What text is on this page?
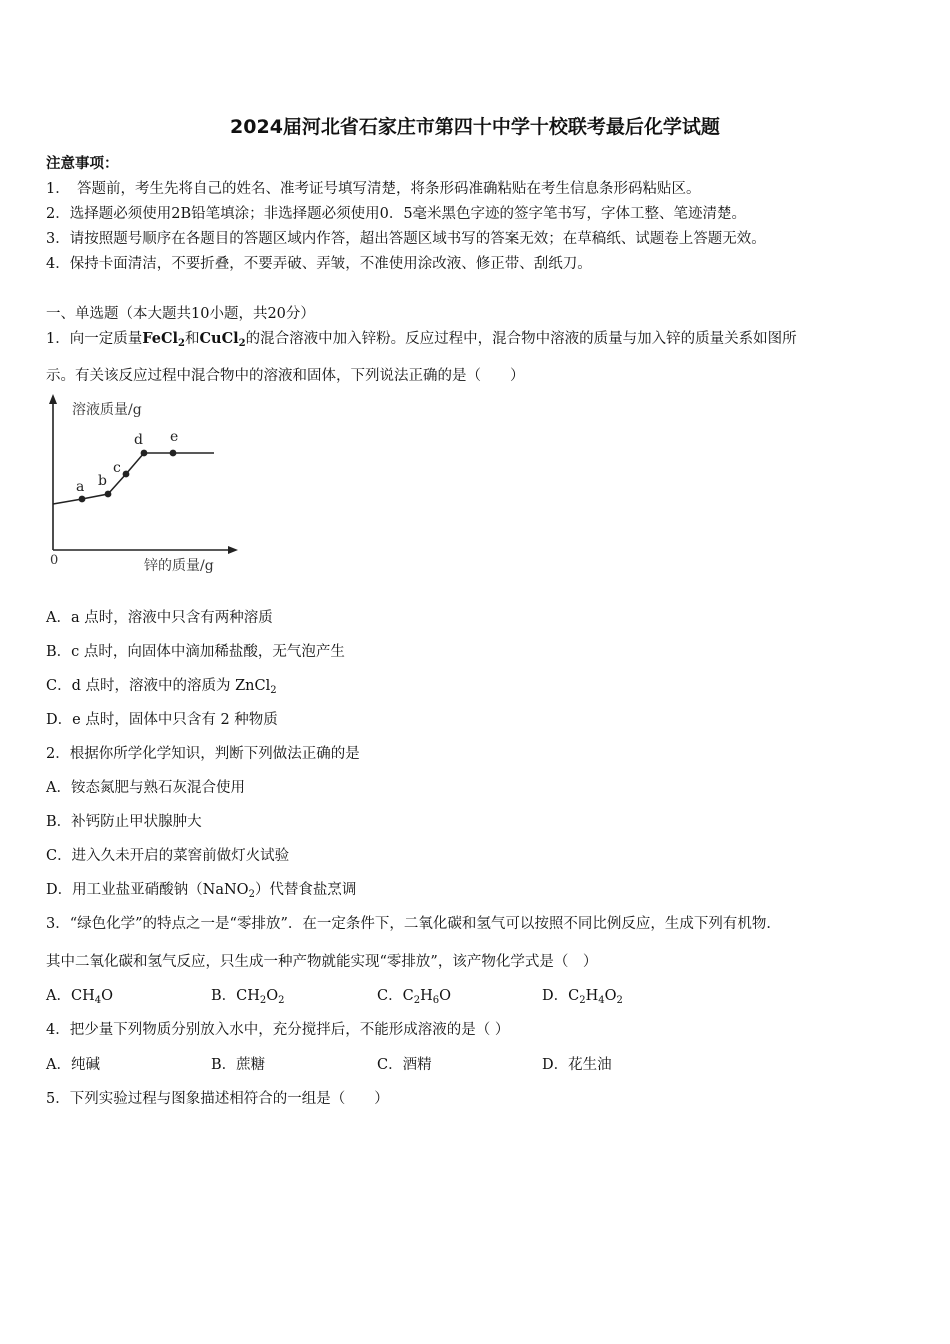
2024届河北省石家庄市第四十中学十校联考最后化学试题
注意事项：
1．　答题前，考生先将自己的姓名、准考证号填写清楚，将条形码准确粘贴在考生信息条形码粘贴区。
2．选择题必须使用2B铅笔填涂；非选择题必须使用0．5毫米黑色字迹的签字笔书写，字体工整、笔迹清楚。
3．请按照题号顺序在各题目的答题区域内作答，超出答题区域书写的答案无效；在草稿纸、试题卷上答题无效。
4．保持卡面清洁，不要折叠，不要弄破、弄皱，不准使用涂改液、修正带、刮纸刀。
一、单选题（本大题共10小题，共20分）
1．向一定质量FeCl$_2$和CuCl$_2$的混合溶液中加入锌粉。反应过程中，混合物中溶液的质量与加入锌的质量关系如图所
示。有关该反应过程中混合物中的溶液和固体，下列说法正确的是（　　）
溶液质量/g
锌的质量/g
0
a b
c
d e
A．a 点时，溶液中只含有两种溶质
B．c 点时，向固体中滴加稀盐酸，无气泡产生
C．d 点时，溶液中的溶质为 ZnCl$_2$
D．e 点时，固体中只含有 2 种物质
2．根据你所学化学知识，判断下列做法正确的是
A．铵态氮肥与熟石灰混合使用
B．补钙防止甲状腺肿大
C．进入久未开启的菜窖前做灯火试验
D．用工业盐亚硝酸钠（NaNO$_2$）代替食盐烹调
3．“绿色化学”的特点之一是“零排放”．在一定条件下，二氧化碳和氢气可以按照不同比例反应，生成下列有机物．
其中二氧化碳和氢气反应，只生成一种产物就能实现“零排放”，该产物化学式是（　）
A．$CH_4O$	B．$CH_2O_2$	C．$C_2H_6O$	D．$C_2H_4O_2$
4．把少量下列物质分别放入水中，充分搅拌后，不能形成溶液的是（ ）
A．纯碱	B．蔗糖	C．酒精	D．花生油
5．下列实验过程与图象描述相符合的一组是（　　）
